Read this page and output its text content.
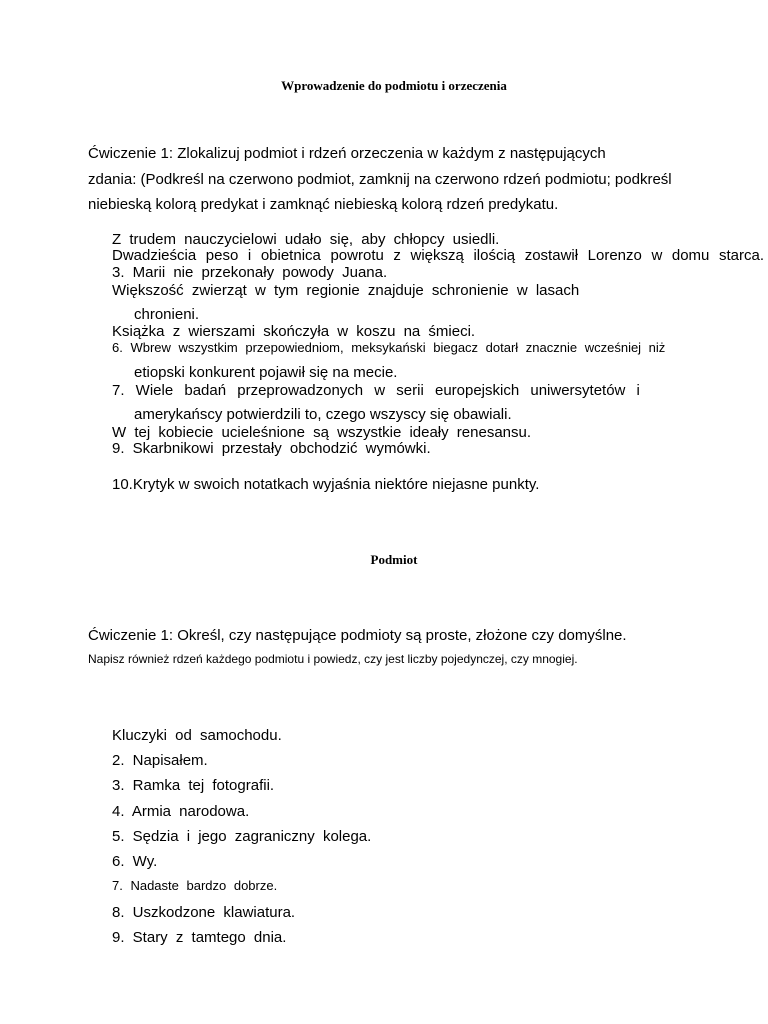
Wprowadzenie do podmiotu i orzeczenia
Ćwiczenie 1: Zlokalizuj podmiot i rdzeń orzeczenia w każdym z następujących
zdania: (Podkreśl na czerwono podmiot, zamknij na czerwono rdzeń podmiotu; podkreśl
niebieską kolorą predykat i zamknąć niebieską kolorą rdzeń predykatu.
Z trudem nauczycielowi udało się, aby chłopcy usiedli.
Dwadzieścia peso i obietnica powrotu z większą ilością zostawił Lorenzo w domu starca.
3. Marii nie przekonały powody Juana.
Większość zwierząt w tym regionie znajduje schronienie w lasach
chronieni.
Książka z wierszami skończyła w koszu na śmieci.
6. Wbrew wszystkim przepowiedniom, meksykański biegacz dotarł znacznie wcześniej niż
etiopski konkurent pojawił się na mecie.
7. Wiele badań przeprowadzonych w serii europejskich uniwersytetów i
amerykańscy potwierdzili to, czego wszyscy się obawiali.
W tej kobiecie ucieleśnione są wszystkie ideały renesansu.
9. Skarbnikowi przestały obchodzić wymówki.
10.Krytyk w swoich notatkach wyjaśnia niektóre niejasne punkty.
Podmiot
Ćwiczenie 1: Określ, czy następujące podmioty są proste, złożone czy domyślne.
Napisz również rdzeń każdego podmiotu i powiedz, czy jest liczby pojedynczej, czy mnogiej.
Kluczyki od samochodu.
2. Napisałem.
3. Ramka tej fotografii.
4. Armia narodowa.
5. Sędzia i jego zagraniczny kolega.
6. Wy.
7. Nadaste bardzo dobrze.
8. Uszkodzone klawiatura.
9. Stary z tamtego dnia.
